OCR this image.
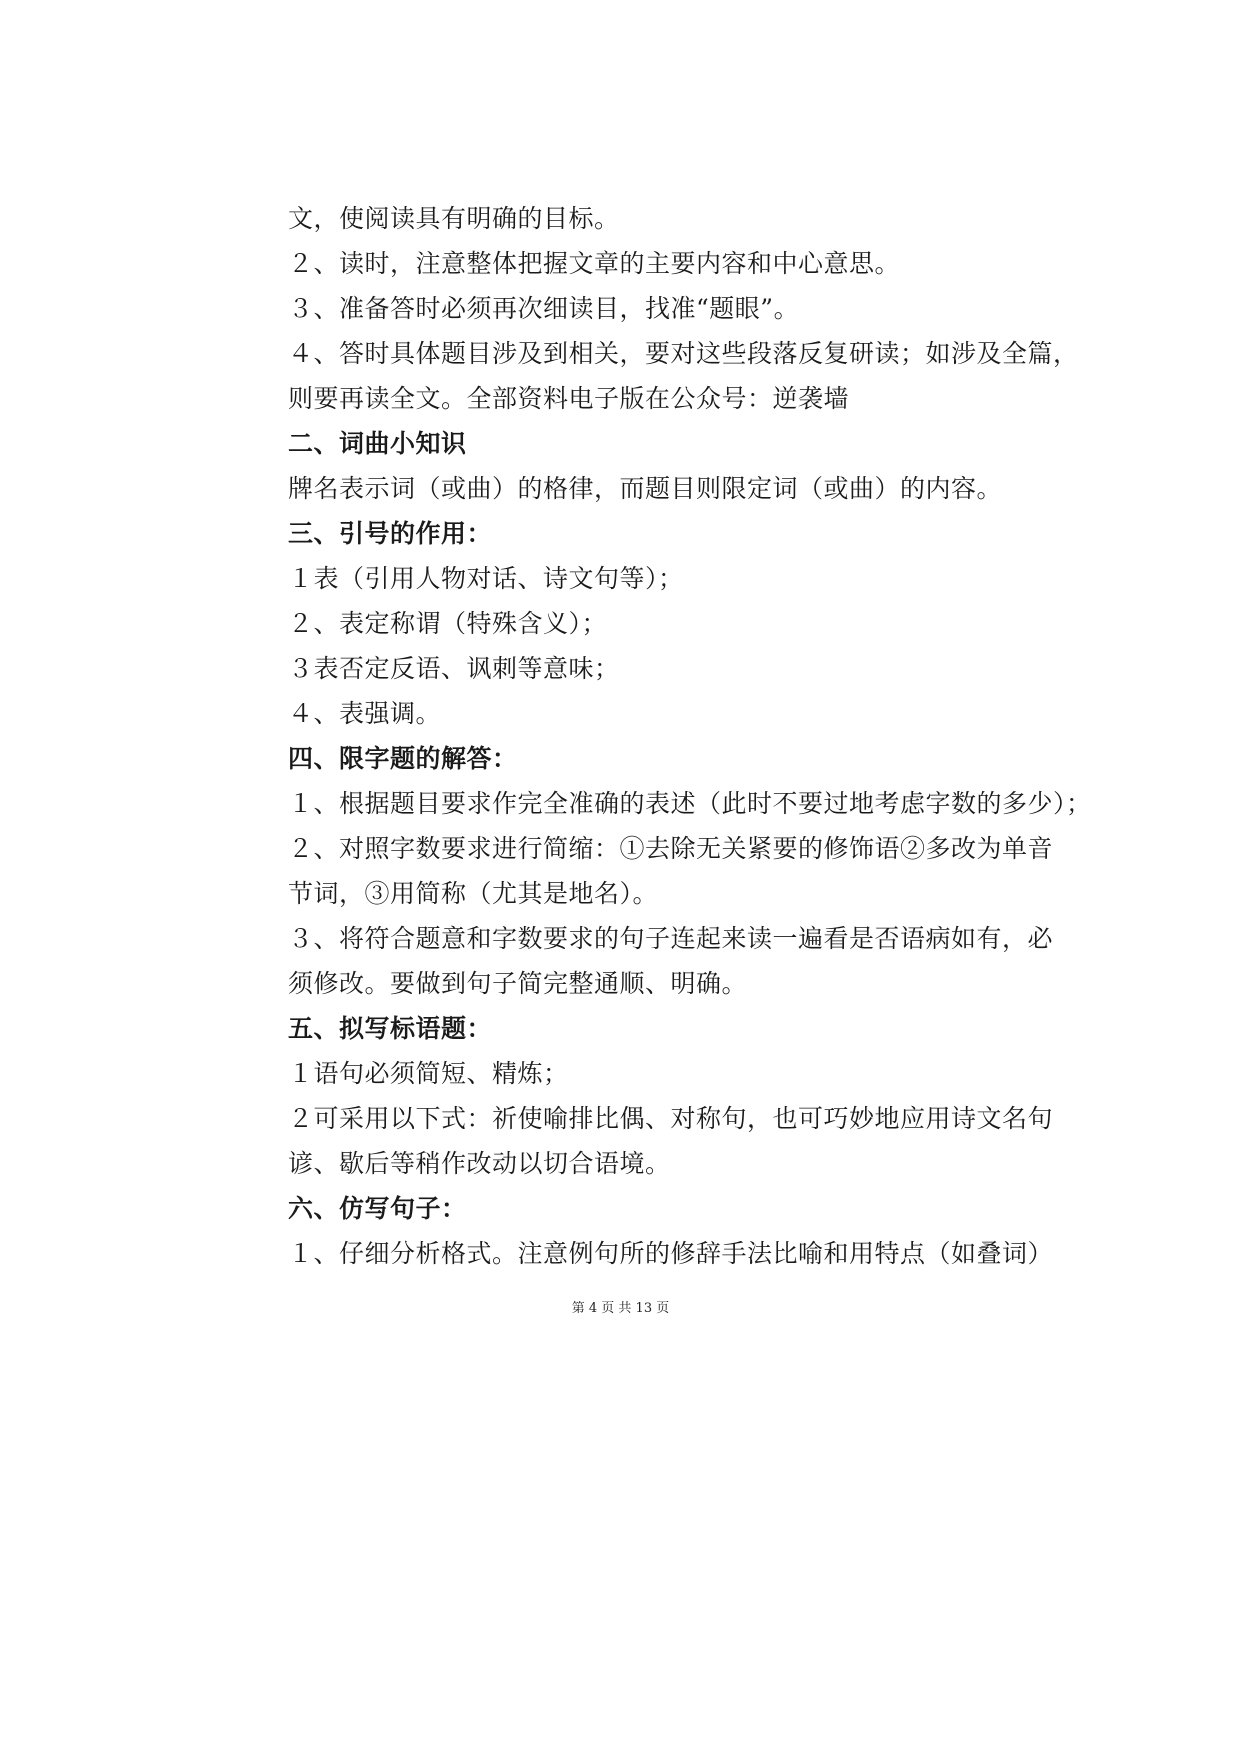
文，使阅读具有明确的目标。
２、读时，注意整体把握文章的主要内容和中心意思。
３、准备答时必须再次细读目，找准“题眼”。
４、答时具体题目涉及到相关，要对这些段落反复研读；如涉及全篇，
则要再读全文。全部资料电子版在公众号：逆袭墙
二、词曲小知识
牌名表示词（或曲）的格律，而题目则限定词（或曲）的内容。
三、引号的作用：
１表（引用人物对话、诗文句等）；
２、表定称谓（特殊含义）；
３表否定反语、讽刺等意味；
４、表强调。
四、限字题的解答：
１、根据题目要求作完全准确的表述（此时不要过地考虑字数的多少）；
２、对照字数要求进行简缩：①去除无关紧要的修饰语②多改为单音
节词，③用简称（尤其是地名）。
３、将符合题意和字数要求的句子连起来读一遍看是否语病如有，必
须修改。要做到句子简完整通顺、明确。
五、拟写标语题：
１语句必须简短、精炼；
２可采用以下式：祈使喻排比偶、对称句，也可巧妙地应用诗文名句
谚、歇后等稍作改动以切合语境。
六、仿写句子：
１、仔细分析格式。注意例句所的修辞手法比喻和用特点（如叠词）
第 4 页 共 13 页
